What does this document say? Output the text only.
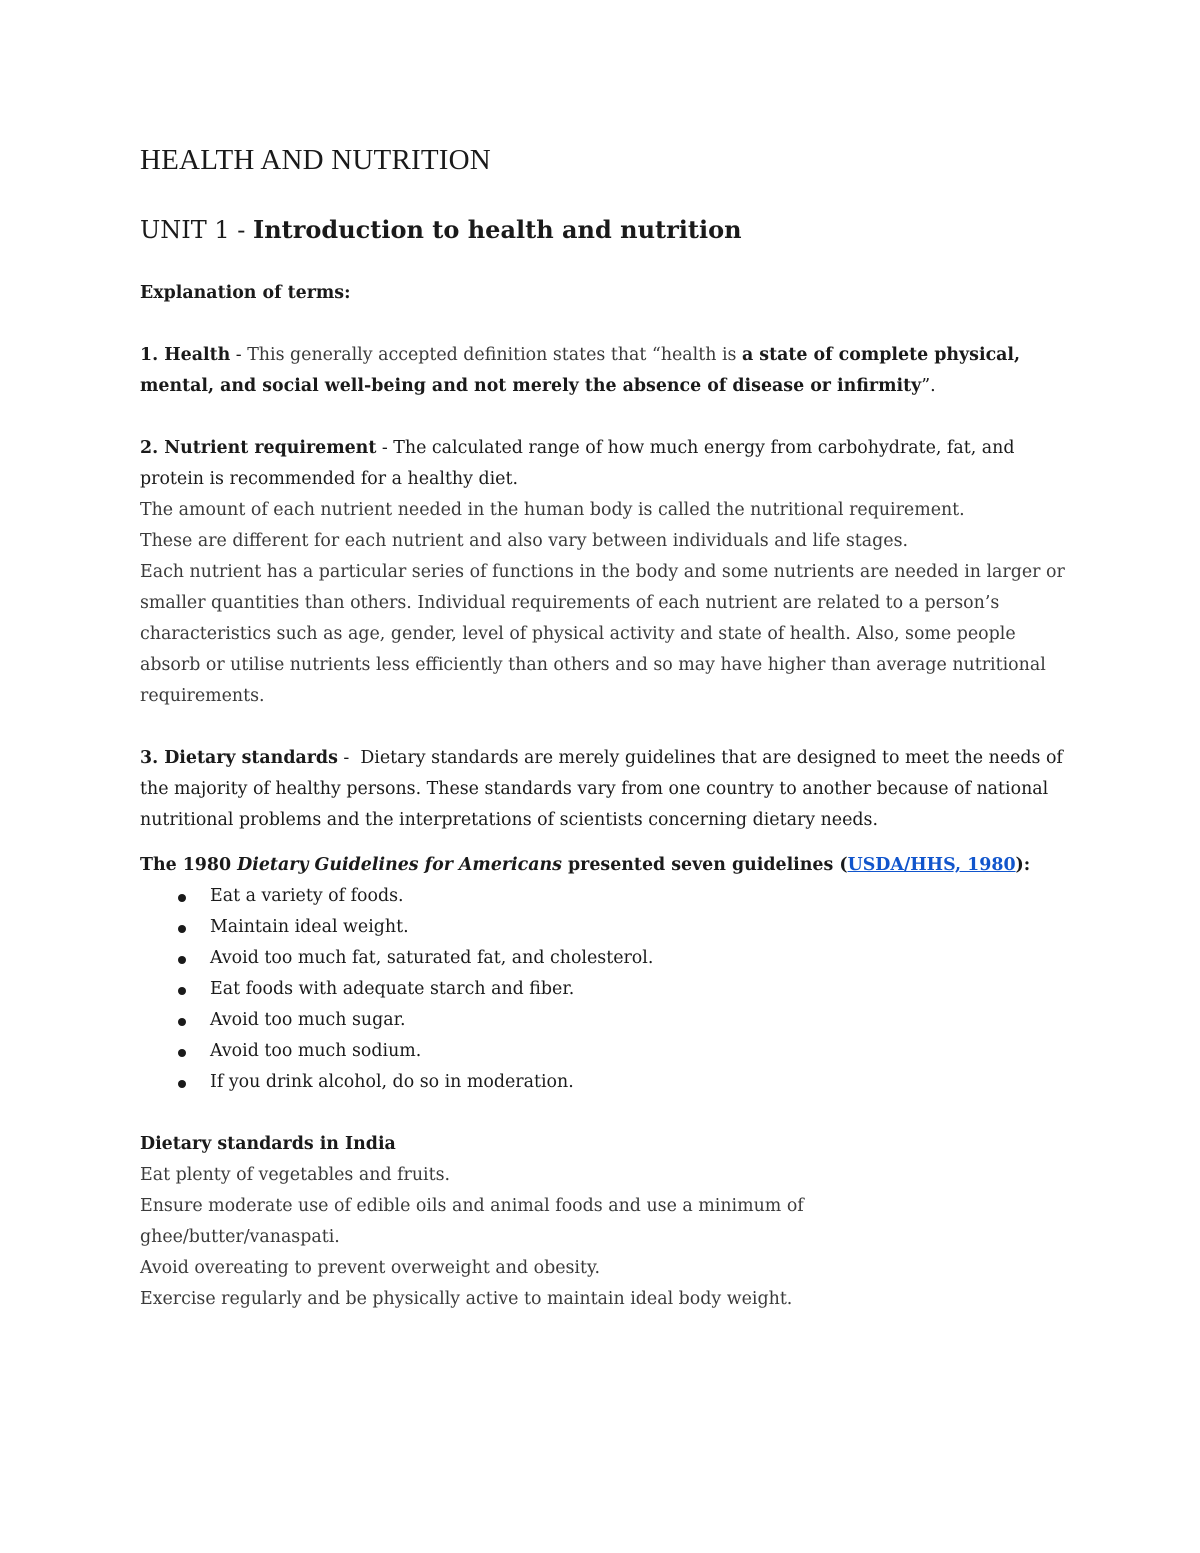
HEALTH AND NUTRITION
UNIT 1 - Introduction to health and nutrition

Explanation of terms:

1. Health - This generally accepted definition states that “health is a state of complete physical, mental, and social well-being and not merely the absence of disease or infirmity”.

2. Nutrient requirement - The calculated range of how much energy from carbohydrate, fat, and protein is recommended for a healthy diet.

The amount of each nutrient needed in the human body is called the nutritional requirement.

These are different for each nutrient and also vary between individuals and life stages.

Each nutrient has a particular series of functions in the body and some nutrients are needed in larger or smaller quantities than others. Individual requirements of each nutrient are related to a person’s characteristics such as age, gender, level of physical activity and state of health. Also, some people absorb or utilise nutrients less efficiently than others and so may have higher than average nutritional requirements.

3. Dietary standards -  Dietary standards are merely guidelines that are designed to meet the needs of the majority of healthy persons. These standards vary from one country to another because of national nutritional problems and the interpretations of scientists concerning dietary needs.

The 1980 Dietary Guidelines for Americans presented seven guidelines (USDA/HHS, 1980):

Eat a variety of foods.
Maintain ideal weight.
Avoid too much fat, saturated fat, and cholesterol.
Eat foods with adequate starch and fiber.
Avoid too much sugar.
Avoid too much sodium.
If you drink alcohol, do so in moderation.

Dietary standards in India

Eat plenty of vegetables and fruits.

Ensure moderate use of edible oils and animal foods and use a minimum of

ghee/butter/vanaspati.

Avoid overeating to prevent overweight and obesity.

Exercise regularly and be physically active to maintain ideal body weight.
